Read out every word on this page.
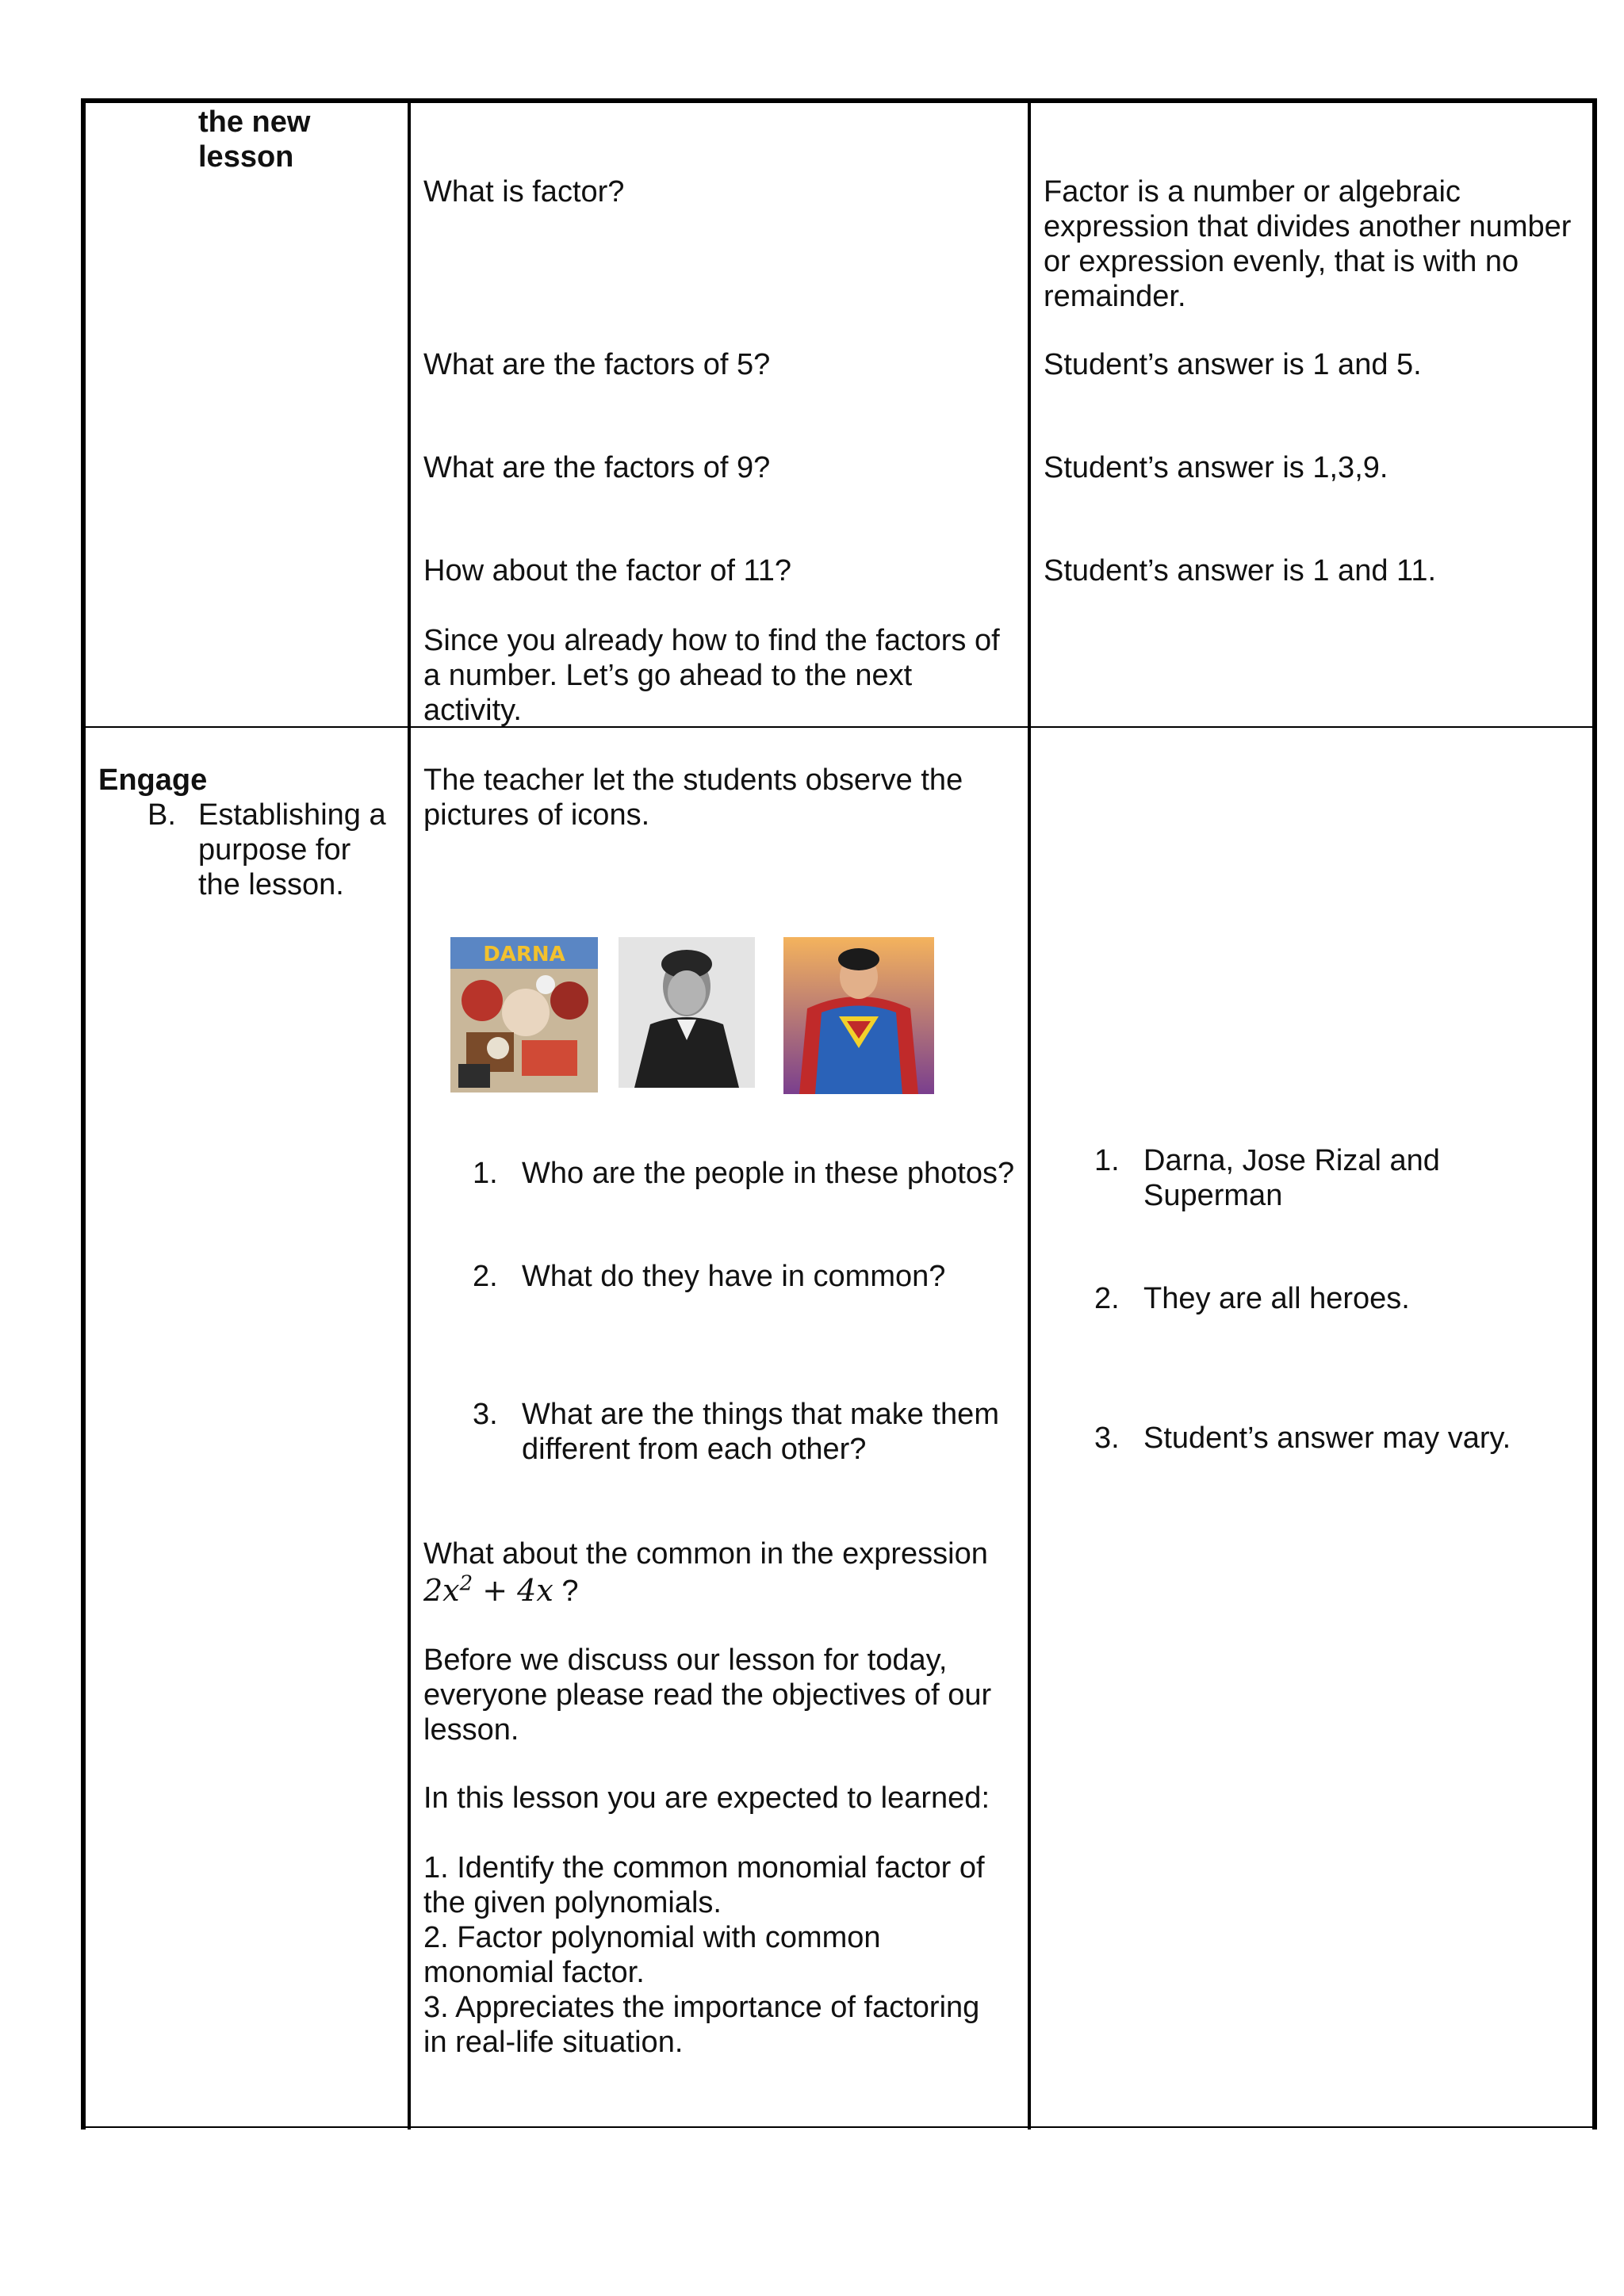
the new
lesson
Engage
B. Establishing a
purpose for
the lesson.
What is factor?
What are the factors of 5?
What are the factors of 9?
How about the factor of 11?
Since you already how to find the factors of
a number. Let’s go ahead to the next
activity.
Factor is a number or algebraic
expression that divides another number
or expression evenly, that is with no
remainder.
Student’s answer is 1 and 5.
Student’s answer is 1,3,9.
Student’s answer is 1 and 11.
The teacher let the students observe the
pictures of icons.
DARNA
1. Who are the people in these photos?
2. What do they have in common?
3. What are the things that make them
different from each other?
1. Darna, Jose Rizal and
Superman
2. They are all heroes.
3. Student’s answer may vary.
What about the common in the expression
$2x^2 + 4x$ ?
Before we discuss our lesson for today,
everyone please read the objectives of our
lesson.
In this lesson you are expected to learned:
1. Identify the common monomial factor of
the given polynomials.
2. Factor polynomial with common
monomial factor.
3. Appreciates the importance of factoring
in real-life situation.
